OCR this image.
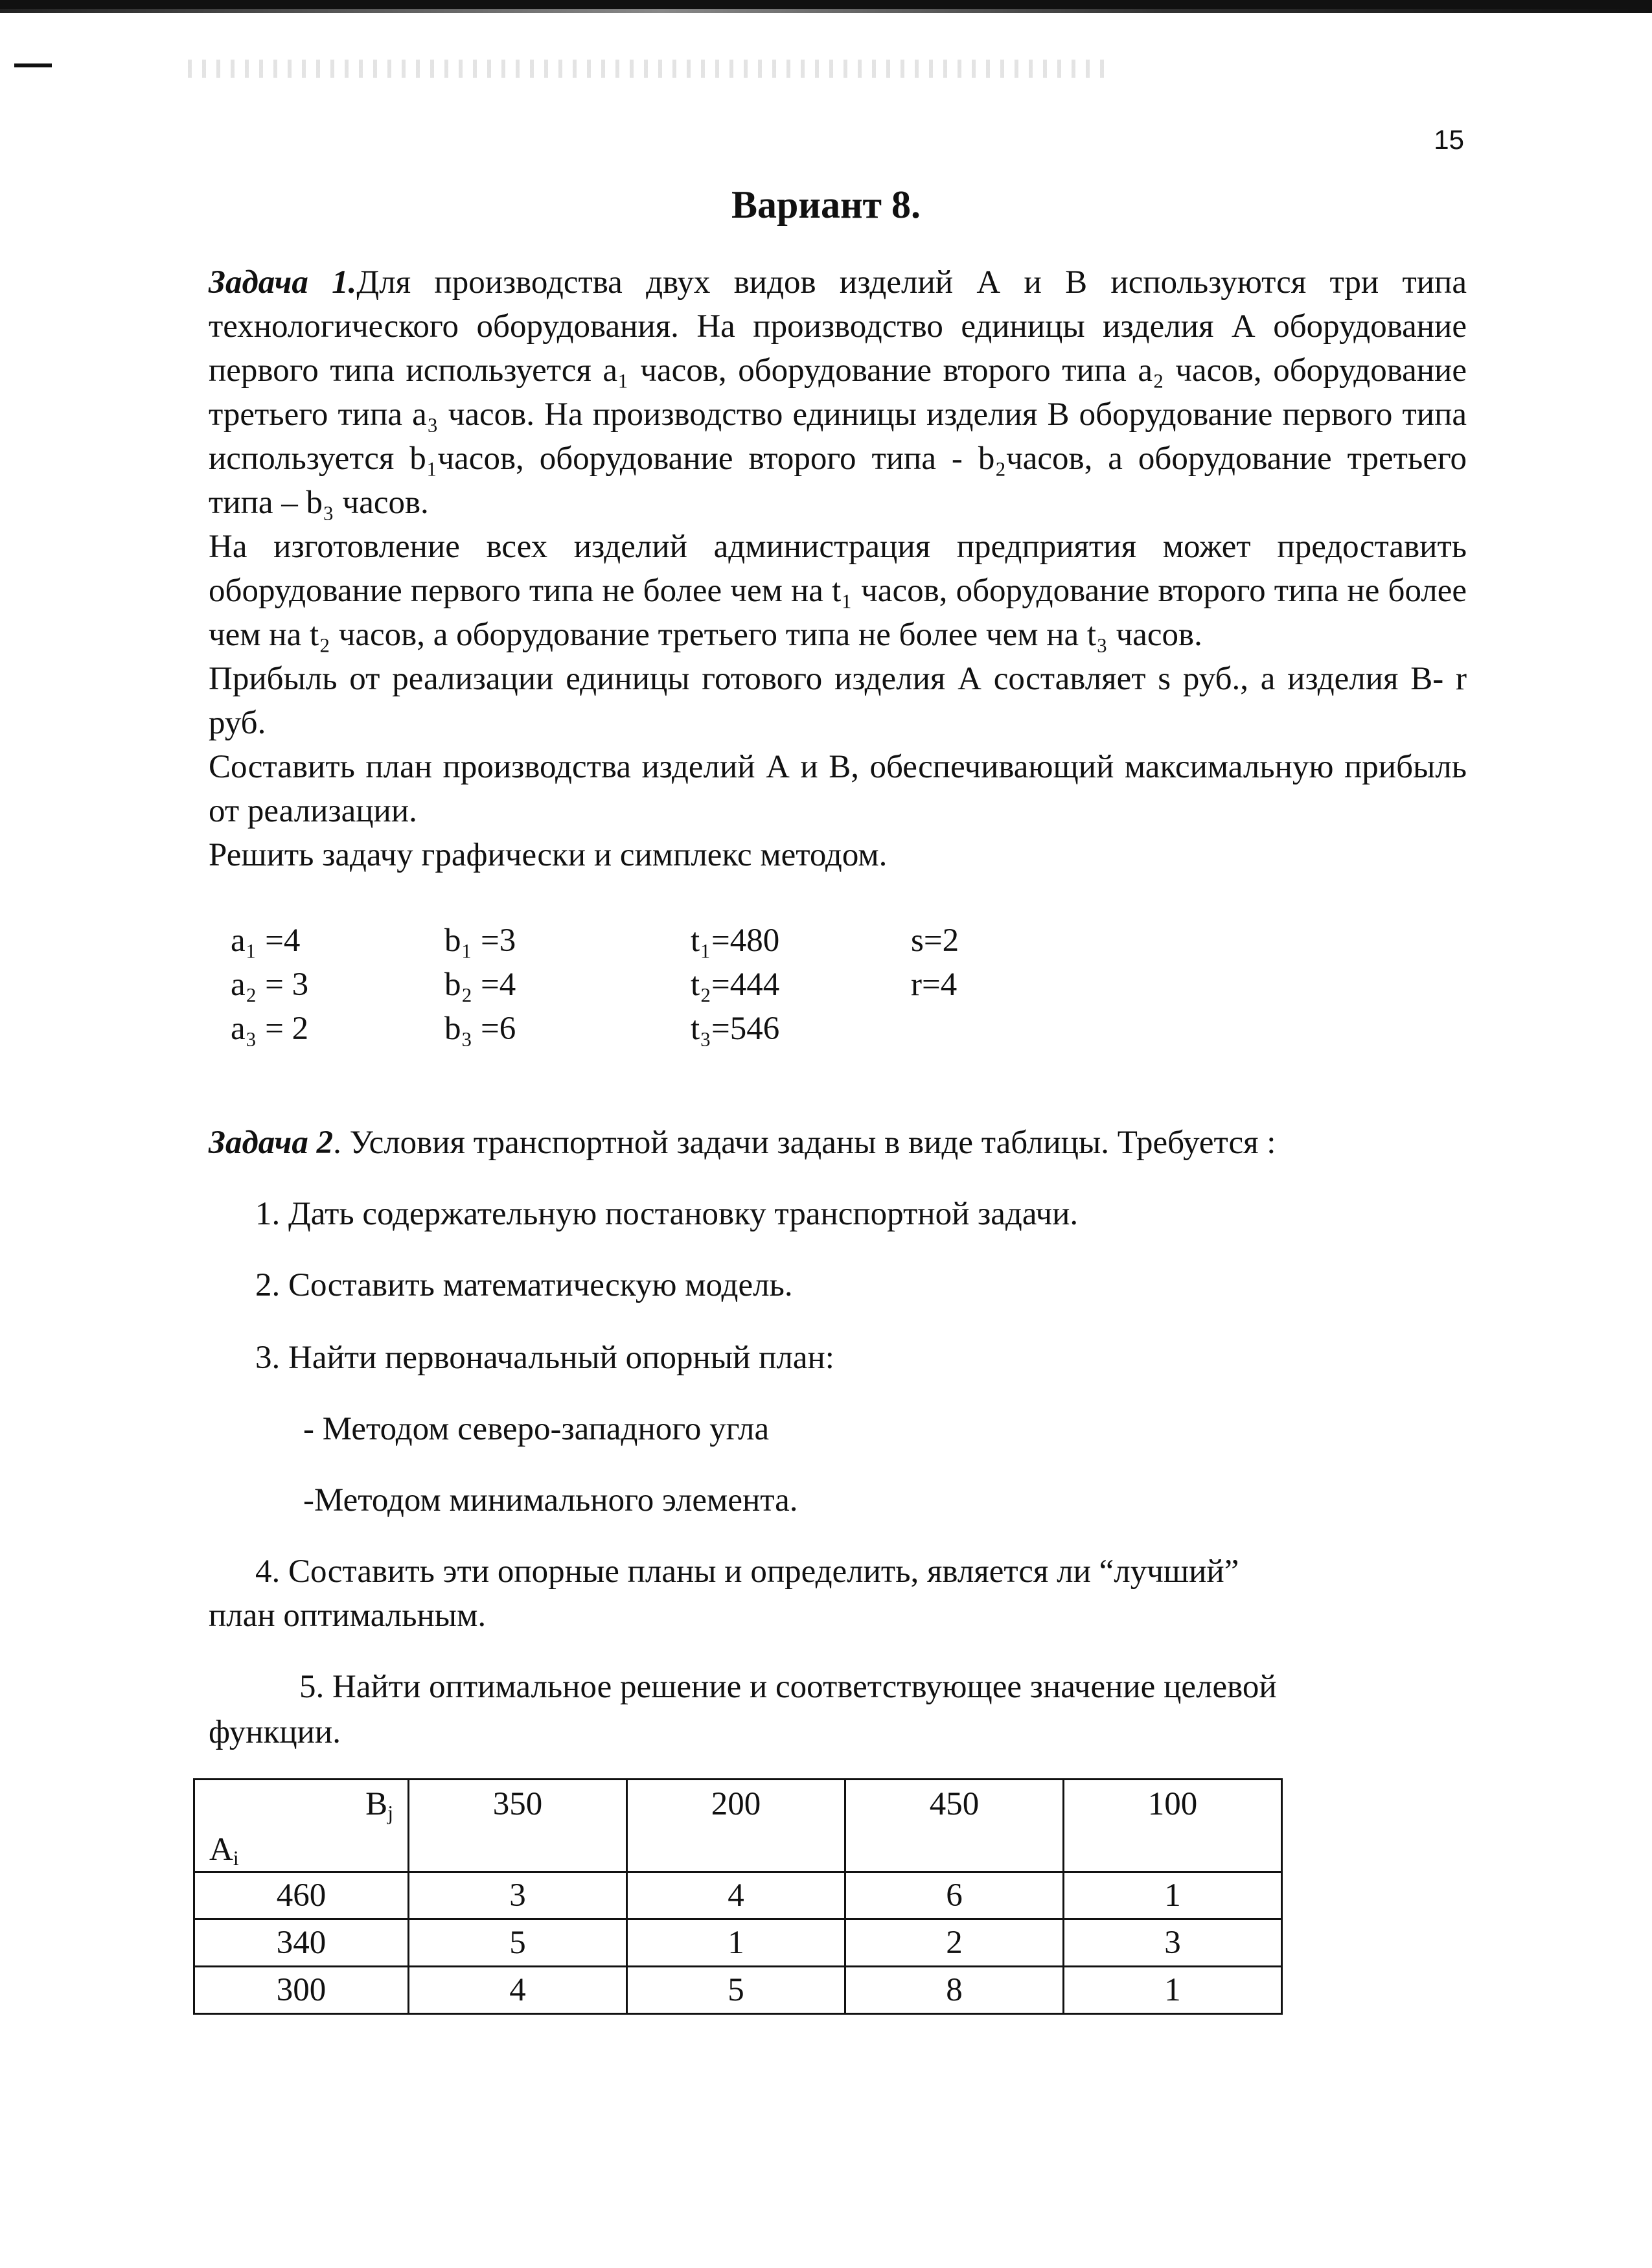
15
Вариант 8.

Задача 1.Для производства двух видов изделий А и В используются три типа технологического оборудования. На производство единицы изделия А оборудование первого типа используется a₁ часов, оборудование второго типа a₂ часов, оборудование третьего типа a₃ часов. На производство единицы изделия В оборудование первого типа используется b₁часов, оборудование второго типа - b₂часов, а оборудование третьего типа – b₃ часов.

На изготовление всех изделий администрация предприятия может предоставить оборудование первого типа не более чем на t₁ часов, оборудование второго типа не более чем на t₂ часов, а оборудование третьего типа не более чем на t₃ часов.

Прибыль от реализации единицы готового изделия А составляет s руб., а изделия В- r руб.

Составить план производства изделий А и В, обеспечивающий максимальную прибыль от реализации.

Решить задачу графически и симплекс методом.

a₁ =4	b₁ =3	t₁=480	s=2
a₂ = 3	b₂ =4	t₂=444	r=4
a₃ = 2	b₃ =6	t₃=546
Задача 2. Условия транспортной задачи заданы в виде таблицы. Требуется :
1. Дать содержательную постановку транспортной задачи.
2. Составить математическую модель.
3. Найти первоначальный опорный план:
- Методом северо-западного угла
-Методом минимального элемента.
4. Составить эти опорные планы и определить, является ли “лучший”
план оптимальным.
5. Найти оптимальное решение и соответствующее значение целевой
функции.
$B_j$
$A_i$	350	200	450	100
460	3	4	6	1
340	5	1	2	3
300	4	5	8	1
